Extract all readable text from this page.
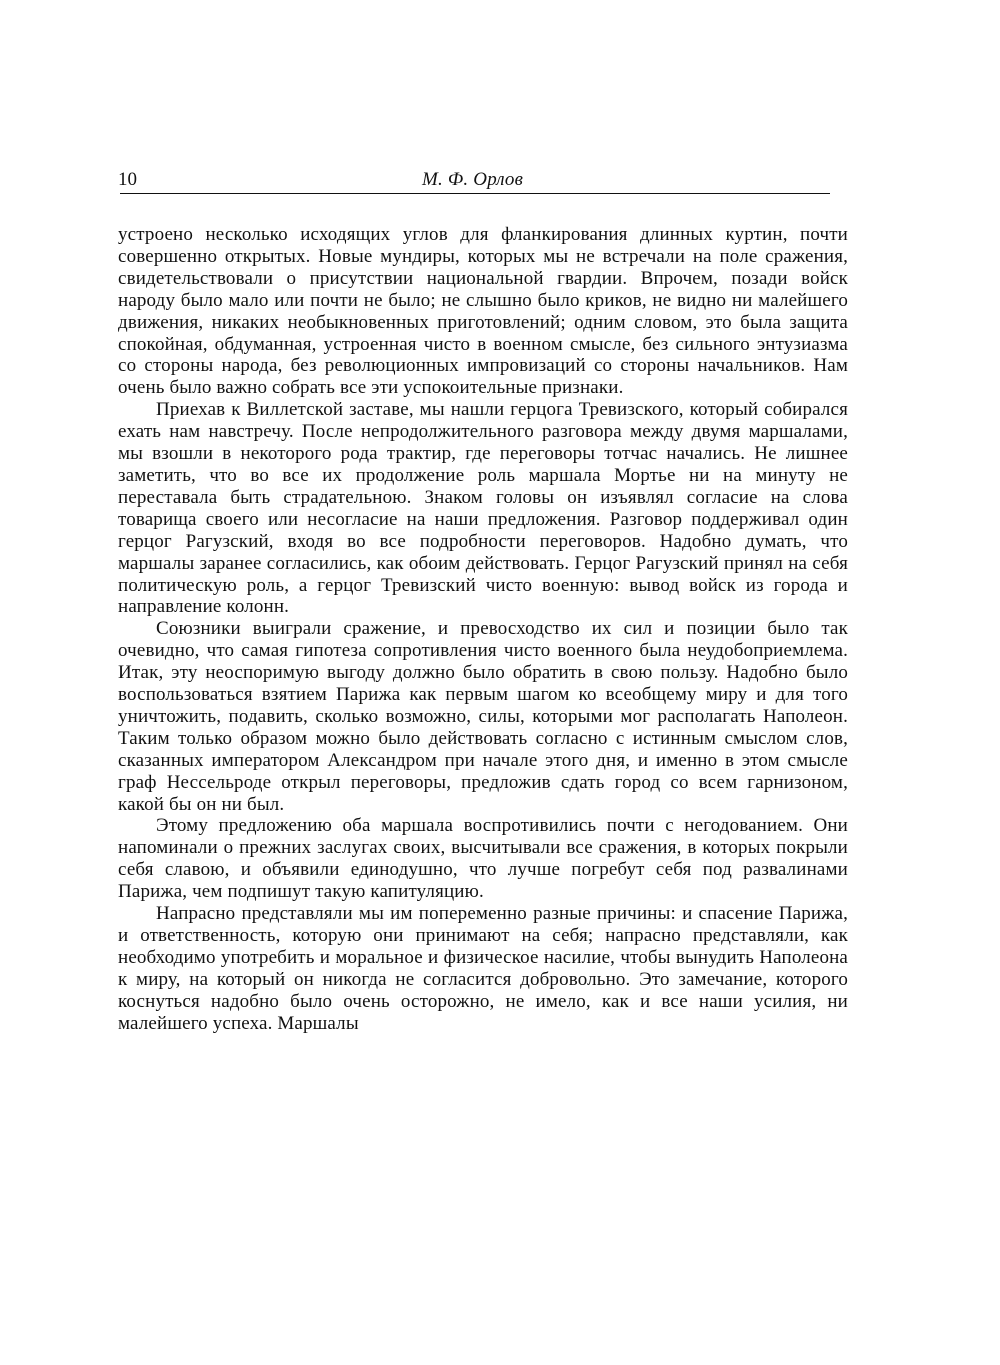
10	М. Ф. Орлов

устроено несколько исходящих углов для фланкирования длинных куртин, почти совершенно открытых. Новые мундиры, которых мы не встречали на поле сражения, свидетельствовали о присутствии национальной гвардии. Впрочем, позади войск народу было мало или почти не было; не слышно было криков, не видно ни малейшего движения, никаких необыкновенных приготовлений; одним словом, это была защита спокойная, обдуманная, устроенная чисто в военном смысле, без сильного энтузиазма со стороны народа, без революционных импровизаций со стороны начальников. Нам очень было важно собрать все эти успокоительные признаки.

Приехав к Виллетской заставе, мы нашли герцога Тревизского, который собирался ехать нам навстречу. После непродолжительного разговора между двумя маршалами, мы взошли в некоторого рода трактир, где переговоры тотчас начались. Не лишнее заметить, что во все их продолжение роль маршала Мортье ни на минуту не переставала быть страдательною. Знаком головы он изъявлял согласие на слова товарища своего или несогласие на наши предложения. Разговор поддерживал один герцог Рагузский, входя во все подробности переговоров. Надобно думать, что маршалы заранее согласились, как обоим действовать. Герцог Рагузский принял на себя политическую роль, а герцог Тревизский чисто военную: вывод войск из города и направление колонн.

Союзники выиграли сражение, и превосходство их сил и позиции было так очевидно, что самая гипотеза сопротивления чисто военного была неудобоприемлема. Итак, эту неоспоримую выгоду должно было обратить в свою пользу. Надобно было воспользоваться взятием Парижа как первым шагом ко всеобщему миру и для того уничтожить, подавить, сколько возможно, силы, которыми мог располагать Наполеон. Таким только образом можно было действовать согласно с истинным смыслом слов, сказанных императором Александром при начале этого дня, и именно в этом смысле граф Нессельроде открыл переговоры, предложив сдать город со всем гарнизоном, какой бы он ни был.

Этому предложению оба маршала воспротивились почти с негодованием. Они напоминали о прежних заслугах своих, высчитывали все сражения, в которых покрыли себя славою, и объявили единодушно, что лучше погребут себя под развалинами Парижа, чем подпишут такую капитуляцию.

Напрасно представляли мы им попеременно разные причины: и спасение Парижа, и ответственность, которую они принимают на себя; напрасно представляли, как необходимо употребить и моральное и физическое насилие, чтобы вынудить Наполеона к миру, на который он никогда не согласится добровольно. Это замечание, которого коснуться надобно было очень осторожно, не имело, как и все наши усилия, ни малейшего успеха. Маршалы
